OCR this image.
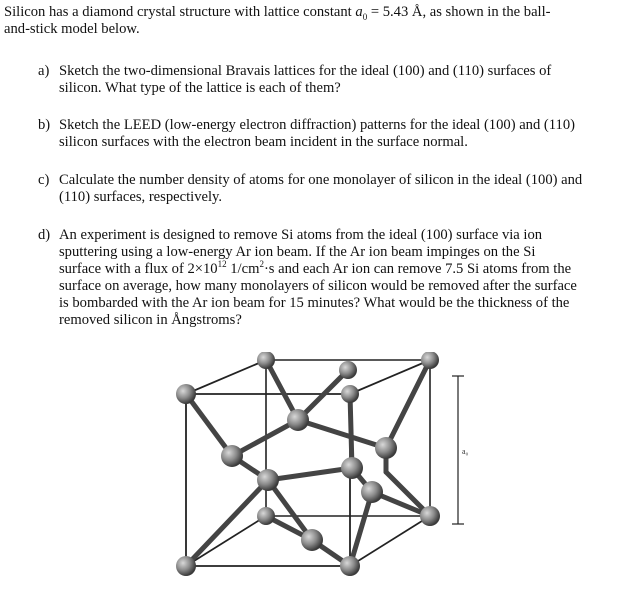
Silicon has a diamond crystal structure with lattice constant $a_0 = 5.43$ Å, as shown in the ball-
and-stick model below.
a) Sketch the two-dimensional Bravais lattices for the ideal (100) and (110) surfaces of
silicon. What type of the lattice is each of them?
b) Sketch the LEED (low-energy electron diffraction) patterns for the ideal (100) and (110)
silicon surfaces with the electron beam incident in the surface normal.
c) Calculate the number density of atoms for one monolayer of silicon in the ideal (100) and
(110) surfaces, respectively.
d) An experiment is designed to remove Si atoms from the ideal (100) surface via ion
sputtering using a low-energy Ar ion beam. If the Ar ion beam impinges on the Si
surface with a flux of $2\times 10^{12}$ $1/cm^2\cdot s$ and each Ar ion can remove 7.5 Si atoms from the
surface on average, how many monolayers of silicon would be removed after the surface
is bombarded with the Ar ion beam for 15 minutes? What would be the thickness of the
removed silicon in Ångstroms?
a₀
